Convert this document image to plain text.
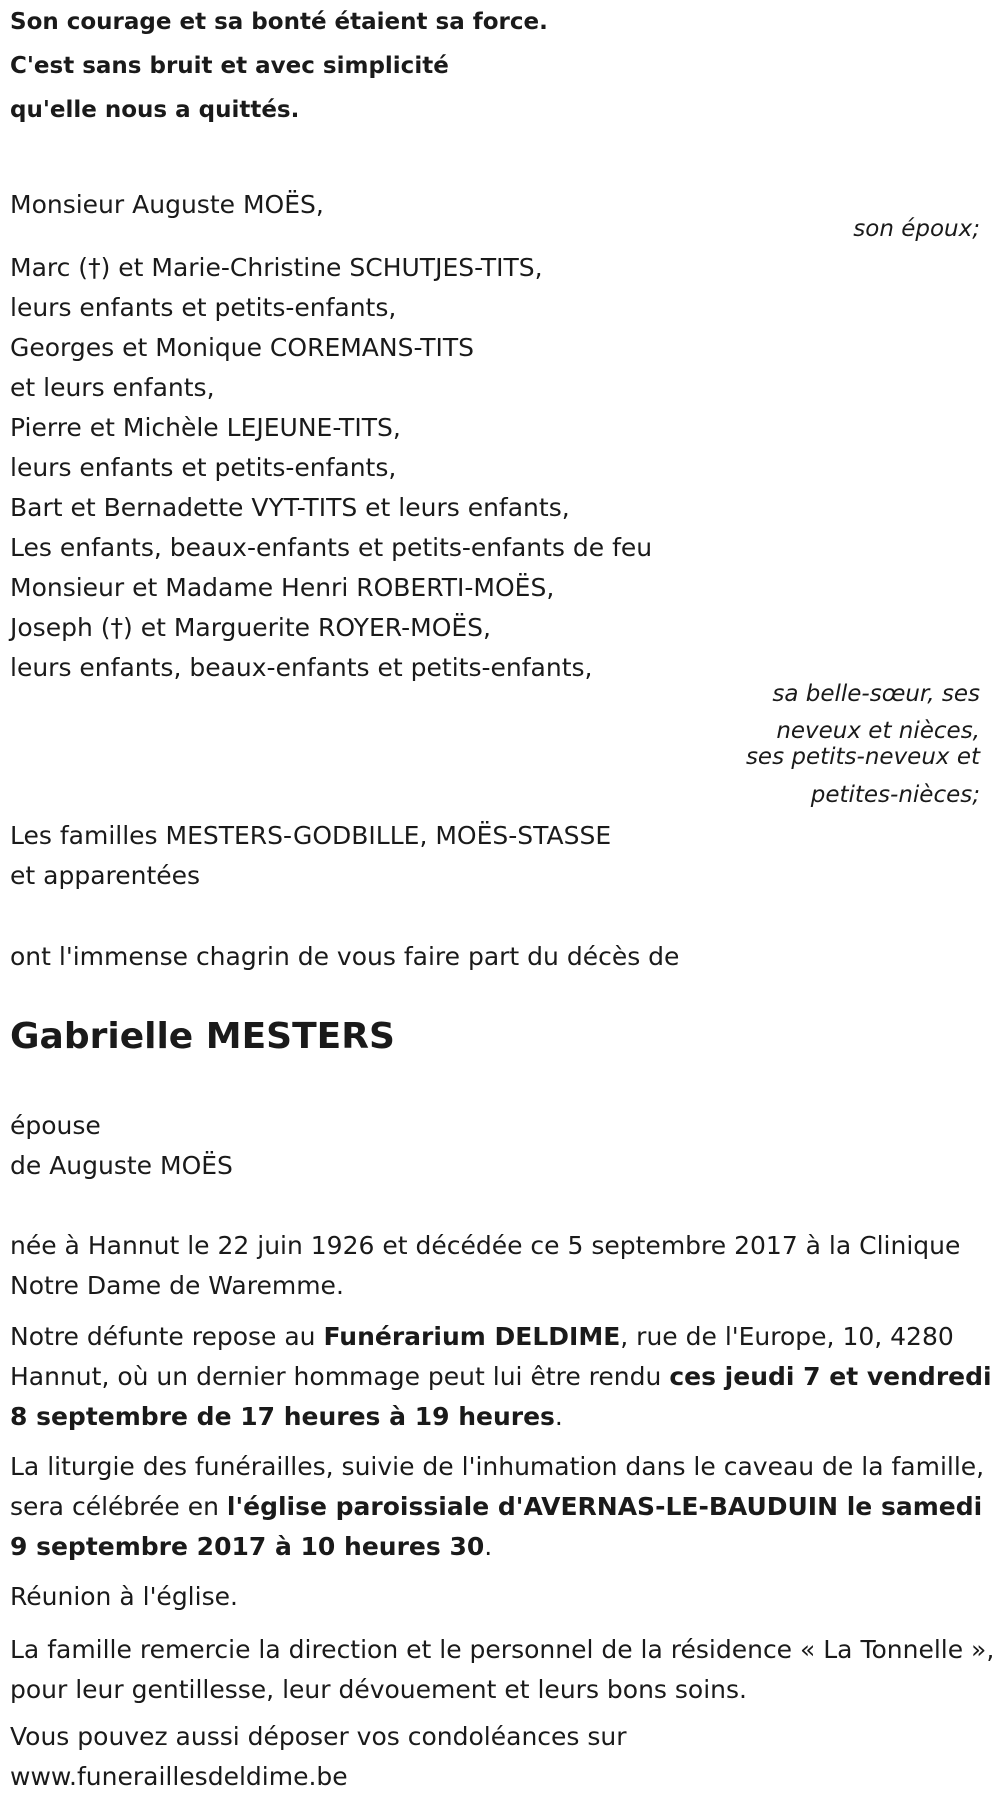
Son courage et sa bonté étaient sa force.

C'est sans bruit et avec simplicité

qu'elle nous a quittés.

Monsieur Auguste MOËS,

son époux;

Marc (†) et Marie-Christine SCHUTJES-TITS,

leurs enfants et petits-enfants,

Georges et Monique COREMANS-TITS

et leurs enfants,

Pierre et Michèle LEJEUNE-TITS,

leurs enfants et petits-enfants,

Bart et Bernadette VYT-TITS et leurs enfants,

Les enfants, beaux-enfants et petits-enfants de feu

Monsieur et Madame Henri ROBERTI-MOËS,

Joseph (†) et Marguerite ROYER-MOËS,

leurs enfants, beaux-enfants et petits-enfants,

sa belle-sœur, ses

neveux et nièces,

ses petits-neveux et

petites-nièces;

Les familles MESTERS-GODBILLE, MOËS-STASSE

et apparentées

ont l'immense chagrin de vous faire part du décès de

Gabrielle MESTERS

épouse

de Auguste MOËS

née à Hannut le 22 juin 1926 et décédée ce 5 septembre 2017 à la Clinique Notre Dame de Waremme.

Notre défunte repose au Funérarium DELDIME, rue de l'Europe, 10, 4280 Hannut, où un dernier hommage peut lui être rendu ces jeudi 7 et vendredi 8 septembre de 17 heures à 19 heures.

La liturgie des funérailles, suivie de l'inhumation dans le caveau de la famille, sera célébrée en l'église paroissiale d'AVERNAS-LE-BAUDUIN le samedi 9 septembre 2017 à 10 heures 30.

Réunion à l'église.

La famille remercie la direction et le personnel de la résidence « La Tonnelle », pour leur gentillesse, leur dévouement et leurs bons soins.

Vous pouvez aussi déposer vos condoléances sur

www.funeraillesdeldime.be
